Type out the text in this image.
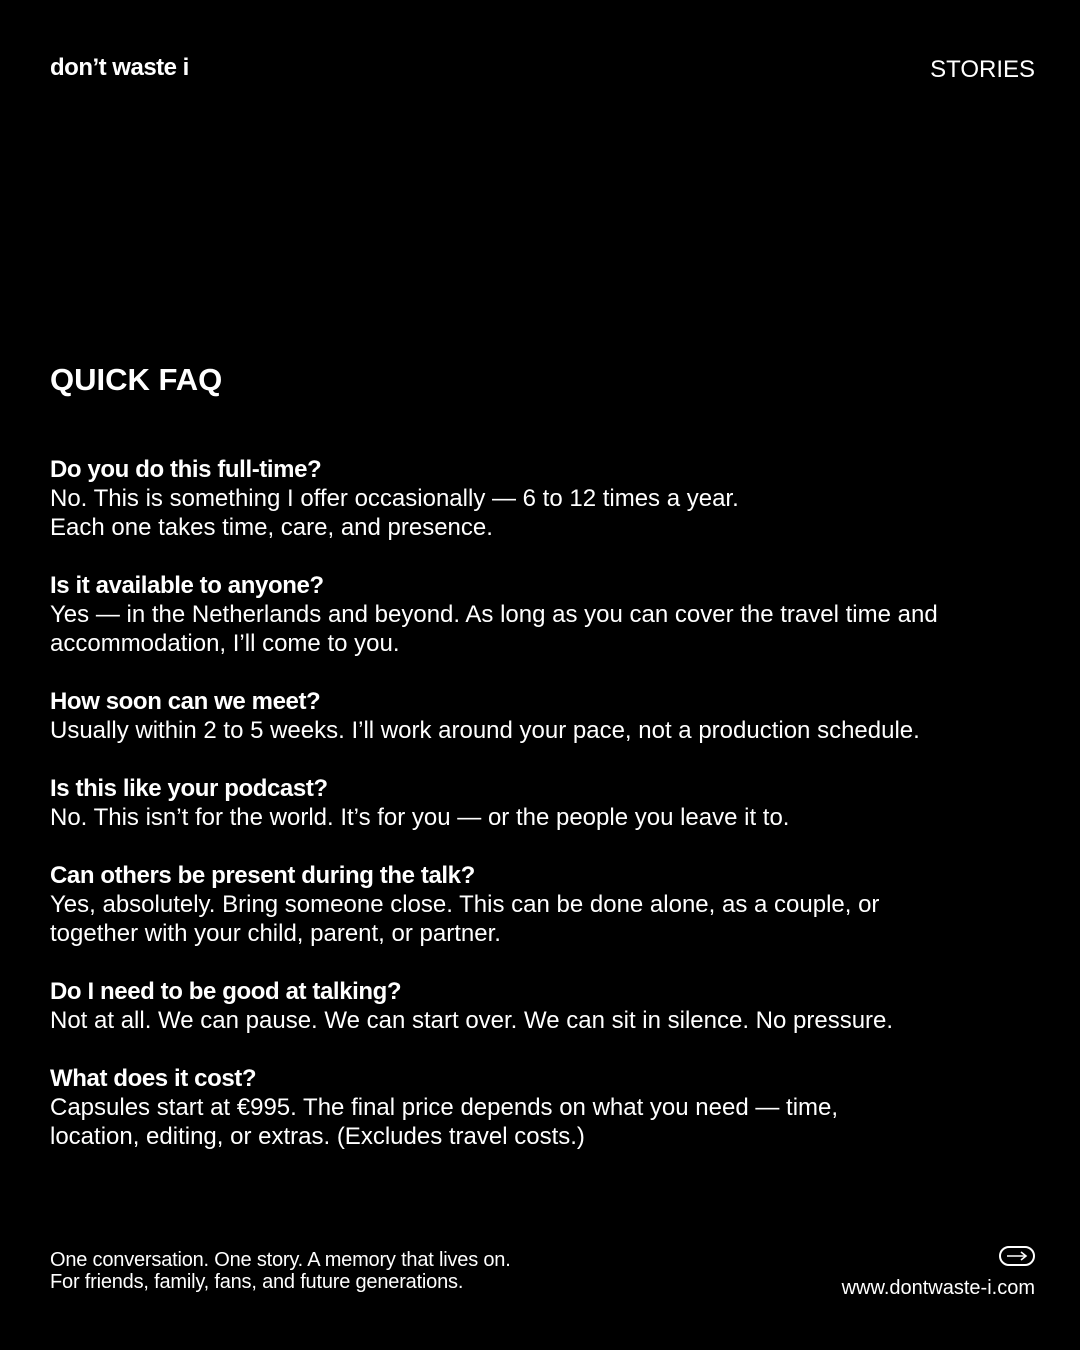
don’t waste i	STORIES
QUICK FAQ
Do you do this full-time?
No. This is something I offer occasionally — 6 to 12 times a year.
Each one takes time, care, and presence.
Is it available to anyone?
Yes — in the Netherlands and beyond. As long as you can cover the travel time and
accommodation, I’ll come to you.
How soon can we meet?
Usually within 2 to 5 weeks. I’ll work around your pace, not a production schedule.
Is this like your podcast?
No. This isn’t for the world. It’s for you — or the people you leave it to.
Can others be present during the talk?
Yes, absolutely. Bring someone close. This can be done alone, as a couple, or
together with your child, parent, or partner.
Do I need to be good at talking?
Not at all. We can pause. We can start over. We can sit in silence. No pressure.
What does it cost?
Capsules start at €995. The final price depends on what you need — time,
location, editing, or extras. (Excludes travel costs.)
One conversation. One story. A memory that lives on.
For friends, family, fans, and future generations.	www.dontwaste-i.com
